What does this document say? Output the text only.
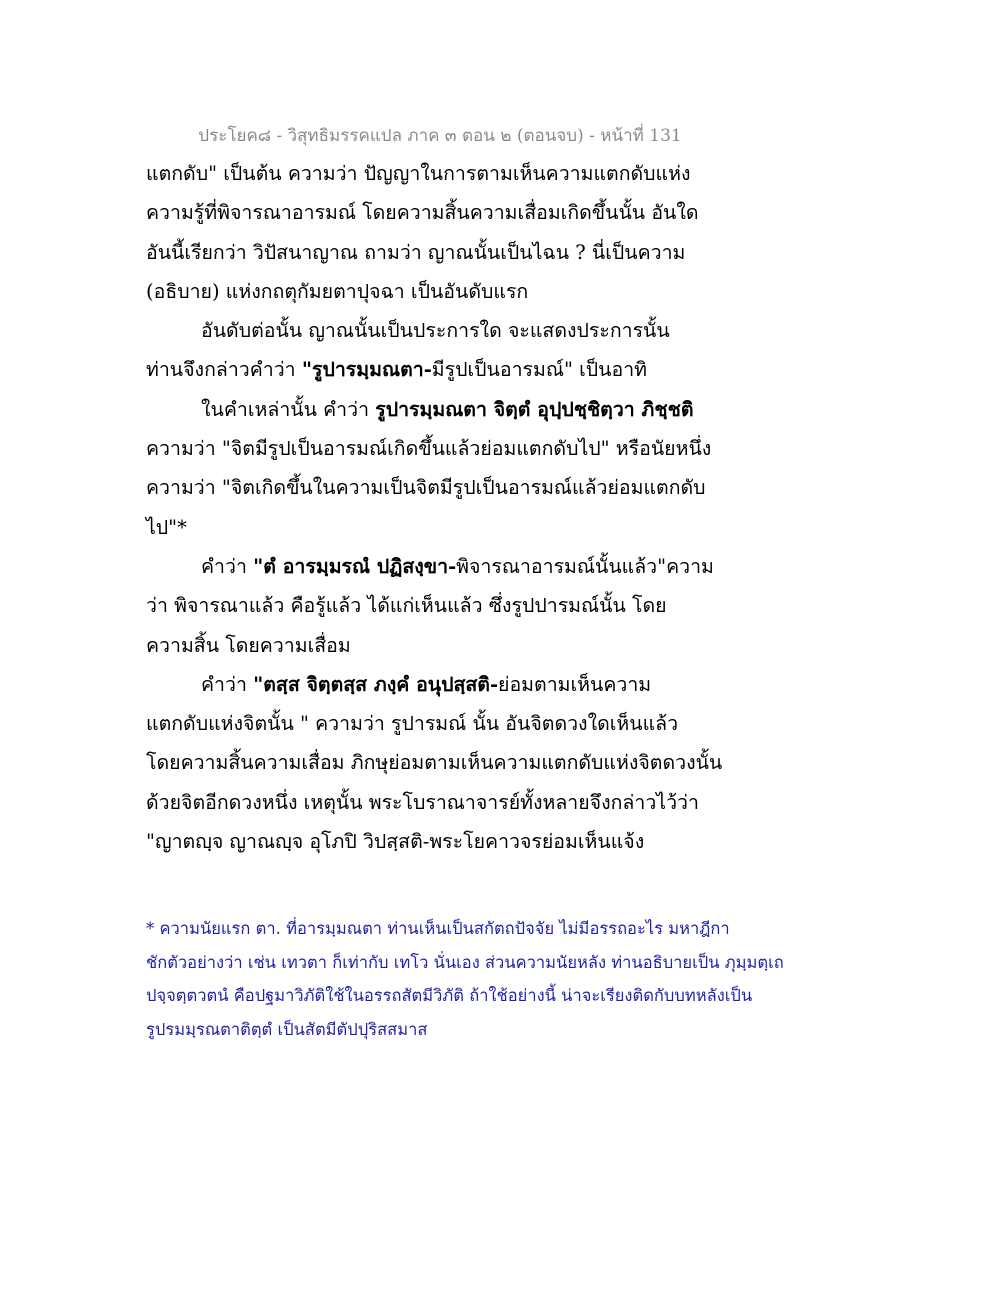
ประโยค๘ - วิสุทธิมรรคแปล ภาค ๓ ตอน ๒ (ตอนจบ) - หน้าที่ 131
แตกดับ" เป็นต้น ความว่า ปัญญาในการตามเห็นความแตกดับแห่ง
ความรู้ที่พิจารณาอารมณ์ โดยความสิ้นความเสื่อมเกิดขึ้นนั้น อันใด
อันนี้เรียกว่า วิปัสนาญาณ ถามว่า ญาณนั้นเป็นไฉน ? นี่เป็นความ
(อธิบาย) แห่งกถตุกัมยตาปุจฉา เป็นอันดับแรก
อันดับต่อนั้น ญาณนั้นเป็นประการใด จะแสดงประการนั้น
ท่านจึงกล่าวคำว่า "รูปารมฺมณตา-มีรูปเป็นอารมณ์" เป็นอาทิ
ในคำเหล่านั้น คำว่า รูปารมฺมณตา จิตฺตํ อุปฺปชฺชิตฺวา ภิชฺชติ
ความว่า "จิตมีรูปเป็นอารมณ์เกิดขึ้นแล้วย่อมแตกดับไป" หรือนัยหนึ่ง
ความว่า "จิตเกิดขึ้นในความเป็นจิตมีรูปเป็นอารมณ์แล้วย่อมแตกดับ
ไป"*
คำว่า "ตํ อารมฺมรณํ ปฏิสงฺขา-พิจารณาอารมณ์นั้นแล้ว"ความ
ว่า พิจารณาแล้ว คือรู้แล้ว ได้แก่เห็นแล้ว ซึ่งรูปปารมณ์นั้น โดย
ความสิ้น โดยความเสื่อม
คำว่า "ตสฺส จิตฺตสฺส ภงฺคํ อนุปสฺสติ-ย่อมตามเห็นความ
แตกดับแห่งจิตนั้น " ความว่า รูปารมณ์ นั้น อันจิตดวงใดเห็นแล้ว
โดยความสิ้นความเสื่อม ภิกษุย่อมตามเห็นความแตกดับแห่งจิตดวงนั้น
ด้วยจิตอีกดวงหนึ่ง เหตุนั้น พระโบราณาจารย์ทั้งหลายจึงกล่าวไว้ว่า
"ญาตญฺจ ญาณญฺจ อุโภปิ วิปสฺสติ-พระโยคาวจรย่อมเห็นแจ้ง
* ความนัยแรก ตา. ที่อารมฺมณตา ท่านเห็นเป็นสกัตถปัจจัย ไม่มีอรรถอะไร มหาฎีกา
ชักตัวอย่างว่า เช่น เทวตา ก็เท่ากับ เทโว นั่นเอง ส่วนความนัยหลัง ท่านอธิบายเป็น ภุมฺมตฺเถ
ปจฺจตฺตวตนํ คือปฐมาวิภัติใช้ในอรรถสัตมีวิภัติ ถ้าใช้อย่างนี้ น่าจะเรียงติดกับบทหลังเป็น
รูปรมมฺรณตาติตฺตํ เป็นสัตมีตัปปุริสสมาส
